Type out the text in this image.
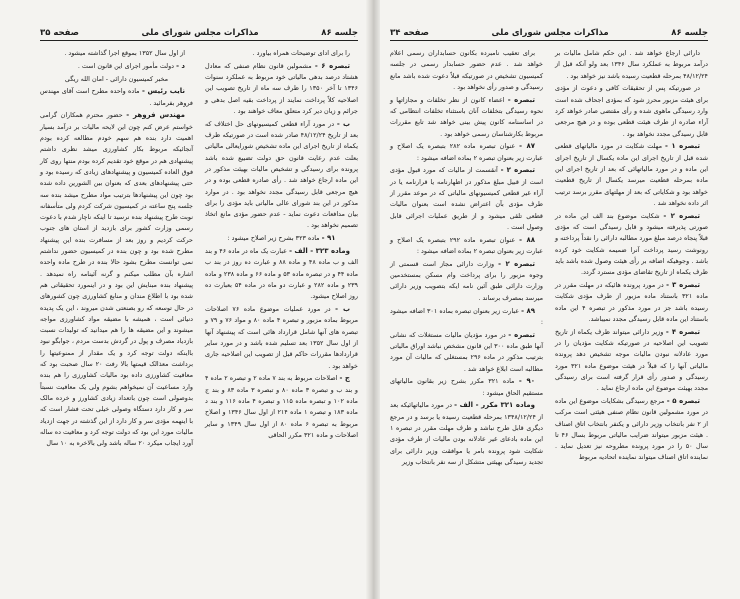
جلسه ۸۶
مذاکرات مجلس شورای ملی
صفحه ۳۵
را برای ادای توضیحات همراه بیاورد .
تبصره ۶ - مشمولین قانون نظام صنفی که معادل هشتاد درصد بدهی مالیاتی خود مربوط به عملکرد سنوات ۱۳۴۶ تا آخر ۱۳۵۰ را ظرف سه ماه از تاریخ تصویب این اصلاحیه کلاً پرداخت نمایند از پرداخت بقیه اصل بدهی و جرائم و زیان دیر کرد متعلق معاف خواهند بود .
ب - در مورد آراء قطعی کمیسیونهای حل اختلاف که بعد از تاریخ ۴۸/۱۲/۲۴ صادر شده است در صورتیکه ظرف یکماه از تاریخ اجرای این ماده تشخیص شورایعالی مالیاتی بعلت عدم رعایت قانون حق دولت تضییع شده باشد پرونده برای رسیدگی و تشخیص مالیات بهیئت مذکور در این ماده ارجاع خواهد شد . رأی صادره قطعی بوده و در هیچ مرجعی قابل رسیدگی مجدد نخواهد بود . در موارد مذکور در این بند شورای عالی مالیاتی باید مؤدی را برای بیان مدافعات دعوت نماید - عدم حضور مؤدی مانع اتخاذ تصمیم نخواهد بود .
۹۱ - ماده ۳۲۳ بشرح زیر اصلاح میشود :
وماده ۳۲۳ - الف - عبارت یک ماه در ماده ۴۶ و بند الف و ب ماده ۴۸ و ماده ۸۸ و عبارت ده روز در بند ب ماده ۴۴ و در تبصره ماده ۵۳ و ماده ۶۶ و ماده ۲۳۸ و ماده ۲۳۹ و ماده ۲۸۲ و عبارت دو ماه در ماده ۵۴ بعبارت ده روز اصلاح میشود.
ب - در مورد عملیات موضوع ماده ۷۶ اصلاحات مربوط بماده مزبور و تبصره ۴ ماده ۸۰ و مواد ۷۶ و ۷۹ و تبصره های آنها شامل قرارداد هائی است که پیشنهاد آنها از اول سال ۱۳۵۲ بعد تسلیم شده باشد و در مورد سایر قراردادها مقررات حاکم قبل از تصویب این اصلاحیه جاری خواهد بود .
ج - اصلاحات مربوط به بند ۷ ماده ۲ و تبصره ۲ ماده ۴ و بند ب و تبصره ۳ ماده ۸۰ و تبصره ۳ ماده ۸۳ و بند ج ماده ۱۰۲ و تبصره ماده ۱۱۵ و تبصره ۴ ماده ۱۱۶ و بند د ماده ۱۸۳ و تبصره ۱ ماده ۲۱۴ از اول سال ۱۳۴۶ و اصلاح مربوط به تبصره ۶ ماده ۸۰ از اول سال ۱۳۴۹ و سایر اصلاحات و ماده ۳۲۱ مکرر الحاقی
از اول سال ۱۳۵۲ بموقع اجرا گذاشته میشود .
د - دولت مأمور اجرای این قانون است .
مخبر کمیسیون دارائی - امان الله ریگی
نایب رئیس - ماده واحده مطرح است آقای مهندس فروهر بفرمائید .
مهندس فروهر - حضور محترم همکاران گرامی خواستم عرض کنم چون این لایحه مالیات بر درآمد بسیار اهمیت دارد بنده هم سهم خودم مطالعه کرده بودم آنجائیکه مربوط بکار کشاورزی میشد نظری داشتم پیشنهادی هم در موقع خود تقدیم کرده بودم منتها روی کار فوق العاده کمیسیون و پیشنهادهای زیادی که رسیده بود و حتی پیشنهادهای بعدی که بعنوان بین الشورین داده شده بود چون این پیشنهادها بترتیب مواد مطرح میشد بنده سه جلسه پنج ساعته در کمیسیون شرکت کردم ولی متأسفانه نوبت طرح پیشنهاد بنده نرسید تا اینکه ناچار شدم با دعوت رسمی وزارت کشور برای بازدید از استان های جنوب حرکت کردیم و روز بعد از مسافرت بنده این پیشنهاد مطرح شده بود و چون بنده در کمیسیون حضور نداشتم نمی توانست مطرح بشود حالا بنده در طرح ماده واحده اشاره بآن مطلب میکنم و گرنه آئینامه راه نمیدهد . پیشنهاد بنده مبنایش این بود و در اینمورد تحقیقاتی هم شده بود با اطلاع مندان و منابع کشاورزی چون کشورهای در حال توسعه که رو بصنعتی شدن میروند ، این یک پدیده دنیائی است ، همیشه با مضیقه مواد کشاورزی مواجه میشوند و این مضیقه ها را هم میدانید که تولیدات نسبت بازدیاد مصرف و پول در گردش بدست مردم ، جوابگو نبود بااینکه دولت توجه کرد و یک مقدار از ممنوعیتها را برداشت معذالک قیمتها بالا رفت ۲۰ سال صحبت بود که معافیت کشاورزی داده بود مالیات کشاورزی را هم بنده وارد مساعیت آن نمیخواهم بشوم ولی یک معافیت نسبتاً بدوصولی است چون باتعداد زیادی کشاورز و خرده مالک سر و کار دارد دستگاه وصولی خیلی تحت فشار است که با اینهمه مؤدی سر و کار دارد از این گذشته در جهت ازدیاد مالیات مورد این بود که دولت توجه کرد و معافیت ده ساله آورد ایجاب میکرد ۲۰ ساله باشد ولی بالاخره به ۱۰ سال
جلسه ۸۶
مذاکرات مجلس شورای ملی
صفحه ۳۴
دارائی ارجاع خواهد شد . این حکم شامل مالیات بر درآمد مربوط به عملکرد سال ۱۳۴۶ بعد ولو آنکه قبل از ۴۸/۱۲/۲۴ بمرحله قطعیت رسیده باشد نیز خواهد بود .
در صورتیکه پس از تحقیقات کافی و دعوت از مؤدی برای هیئت مزبور محرز شود که بمؤدی اجحاف شده است وارد رسیدگی ماهوی شده و رأی مقتضی صادر خواهد کرد آراء صادره از طرف هیئت قطعی بوده و در هیچ مرجعی قابل رسیدگی مجدد نخواهد بود .
تبصره ۱ - مهلت شکایت در مورد مالیاتهای قطعی شده قبل از تاریخ اجرای این ماده یکسال از تاریخ اجرای این ماده و در مورد مالیاتهائی که بعد از تاریخ اجرای این ماده بمرحله قطعیت میرسد یکسال از تاریخ قطعیت خواهد بود و شکایاتی که بعد از مهلتهای مقرر برسد ترتیب اثر داده نخواهد شد .
تبصره ۲ - شکایت موضوع بند الف این ماده در صورتی پذیرفته میشود و قابل رسیدگی است که مؤدی قبلاً پنجاه درصد مبلغ مورد مطالبه دارائی را نقداً پرداخته و رونوشت رسید پرداخت آنرا ضمیمه شکایت خود کرده باشد . وجوهیکه اضافه بر رأی هیئت وصول شده باشد باید ظرف یکماه از تاریخ تقاضای مؤدی مسترد گردد.
تبصره ۳ - در مورد پرونده هائیکه در مهلت مقرر در ماده ۳۲۱ باستناد ماده مزبور از طرف مؤدی شکایت رسیده باشد جز در مورد مذکور در تبصره ۴ این ماده باستناد این ماده قابل رسیدگی مجدد نمیباشد.
تبصره ۴ - وزیر دارائی میتواند ظرف یکماه از تاریخ تصویب این اصلاحیه در صورتیکه شکایت مؤدیان را در مورد عادلانه نبودن مالیات موجه تشخیص دهد پرونده مالیاتی آنها را که قبلاً در هیئت موضوع ماده ۳۲۱ مورد رسیدگی و صدور رأی قرار گرفته است برای رسیدگی مجدد بهیئت موضوع این ماده ارجاع نماید .
تبصره ۵ - مرجع رسیدگی بشکایات موضوع این ماده در مورد مشمولین قانون نظام صنفی هیئتی است مرکب از ۲ نفر بانتخاب وزیر دارائی و یکنفر بانتخاب اتاق اصناف . هیئت مزبور میتواند ضرایب مالیاتی مربوط بسال ۴۶ تا سال ۵۰ را در مورد پرونده مطروحه نیز تعدیل نماید . نماینده اتاق اصناف میتواند نماینده اتحادیه مربوط
برای تعقیب نامبرده بکانون حسابداران رسمی اعلام خواهد شد . عدم حضور حسابدار رسمی در جلسه کمیسیون تشخیص در صورتیکه قبلاً دعوت شده باشد مانع رسیدگی و صدور رأی نخواهد بود .
تبصره - اعضاء کانون از نظر تخلفات و مجازاتها و نحوه رسیدگی بتخلفات آنان باستثناء تخلفات انتظامی که در اساسنامه کانون پیش بینی خواهد شد تابع مقررات مربوط بکارشناسان رسمی خواهد بود .
۸۷ - عنوان تبصره ماده ۲۸۲ بتبصره یک اصلاح و عبارت زیر بعنوان تبصره ۲ بماده اضافه میشود :
تبصره ۲ - آنقسمت از مالیات که مورد قبول مؤدی است از قبیل مبلغ مذکور در اظهارنامه یا قرارنامه یا در آراء غیر قطعی کمیسیونهای مالیاتی که در موعد مقرر از طرف مؤدی بآن اعتراض نشده است بعنوان مالیات قطعی تلقی میشود و از طریق عملیات اجرائی قابل وصول است .
۸۸ - عنوان تبصره ماده ۲۹۲ بتبصره یک اصلاح و عبارت زیر بعنوان تبصره ۲ بماده اضافه میشود :
تبصره ۲ - وزارت دارائی مجاز است قسمتی از وجوه مزبور را برای پرداخت وام مسکن بمستخدمین وزارت دارائی طبق آئین نامه ایکه بتصویب وزیر دارائی میرسد بمصرف برساند .
۸۹ - عبارت زیر بعنوان تبصره بماده ۳۰۱ اضافه میشود :
تبصره - در مورد مؤدیان مالیات مستغلات که نشانی آنها طبق ماده ۳۰۰ این قانون مشخص نباشد اوراق مالیاتی بترتیب مذکور در ماده ۲۹۶ بمستغلی که مالیات آن مورد مطالبه است ابلاغ خواهد شد .
۹۰ - ماده ۳۲۱ مکرر بشرح زیر بقانون مالیاتهای مستقیم الحاق میشود :
وماده ۳۲۱ مکرر - الف - در مورد مالیاتهائیکه بعد از ۱۳۴۸/۱۲/۲۴ بمرحله قطعیت رسیده یا برسد و در مرجع دیگری قابل طرح نباشد و ظرف مهلت مقرر در تبصره ۱ این ماده بادعای غیر عادلانه بودن مالیات از طرف مؤدی شکایت شود پرونده بامر یا موافقت وزیر دارائی برای تجدید رسیدگی بهیئتی متشکل از سه نفر بانتخاب وزیر
